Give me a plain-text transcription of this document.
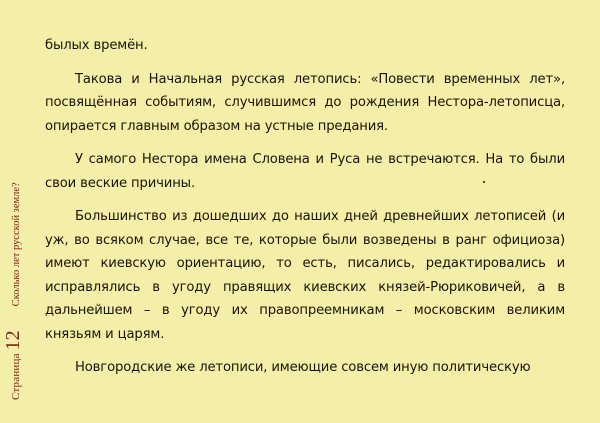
Страница
12
Сколько лет русской земле?

былых времён.

Такова и Начальная русская летопись: «Повести временных лет», посвящённая событиям, случившимся до рождения Нестора-летописца, опирается главным образом на устные предания.

У самого Нестора имена Словена и Руса не встречаются. На то были свои веские причины.

Большинство из дошедших до наших дней древнейших летописей (и уж, во всяком случае, все те, которые были возведены в ранг официоза) имеют киевскую ориентацию, то есть, писались, редактировались и исправлялись в угоду правящих киевских князей-Рюриковичей, а в дальнейшем – в угоду их правопреемникам – московским великим князьям и царям.

Новгородские же летописи, имеющие совсем иную политическую
